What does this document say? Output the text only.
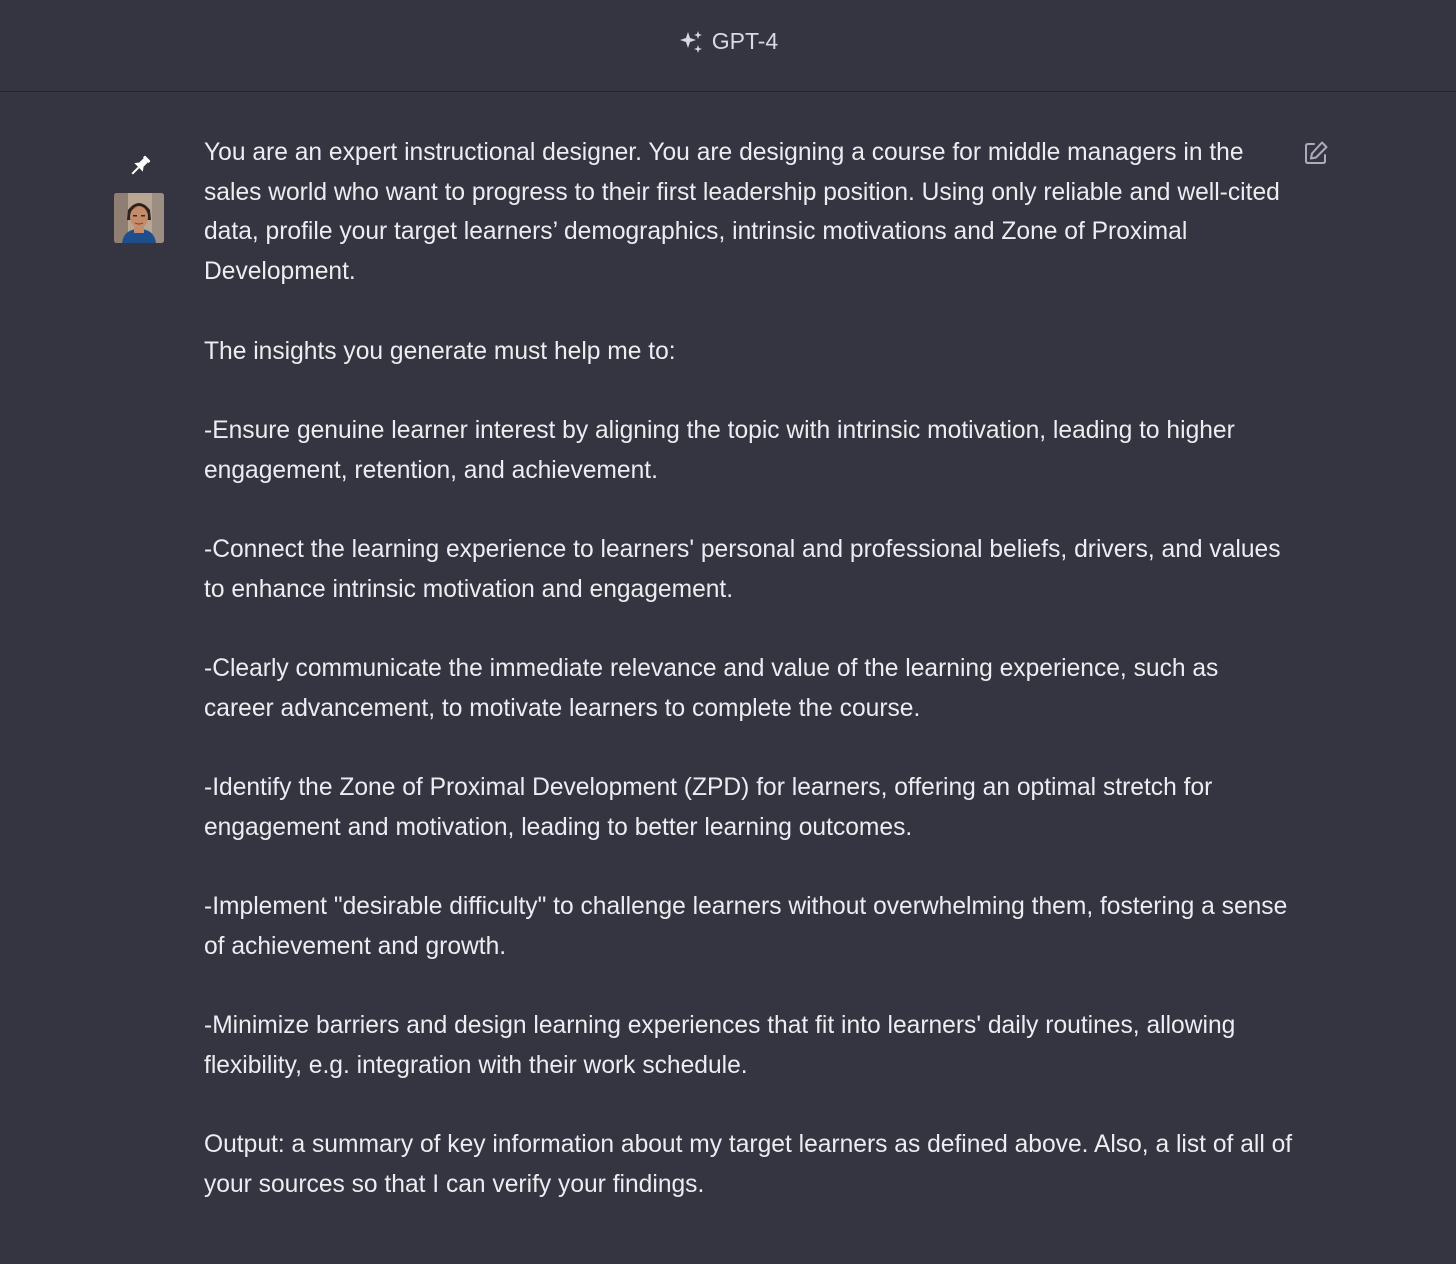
GPT-4

You are an expert instructional designer. You are designing a course for middle managers in the sales world who want to progress to their first leadership position. Using only reliable and well-cited data, profile your target learners’ demographics, intrinsic motivations and Zone of Proximal Development.

The insights you generate must help me to:

-Ensure genuine learner interest by aligning the topic with intrinsic motivation, leading to higher engagement, retention, and achievement.

-Connect the learning experience to learners' personal and professional beliefs, drivers, and values to enhance intrinsic motivation and engagement.

-Clearly communicate the immediate relevance and value of the learning experience, such as career advancement, to motivate learners to complete the course.

-Identify the Zone of Proximal Development (ZPD) for learners, offering an optimal stretch for engagement and motivation, leading to better learning outcomes.

-Implement "desirable difficulty" to challenge learners without overwhelming them, fostering a sense of achievement and growth.

-Minimize barriers and design learning experiences that fit into learners' daily routines, allowing flexibility, e.g. integration with their work schedule.

Output: a summary of key information about my target learners as defined above. Also, a list of all of your sources so that I can verify your findings.
